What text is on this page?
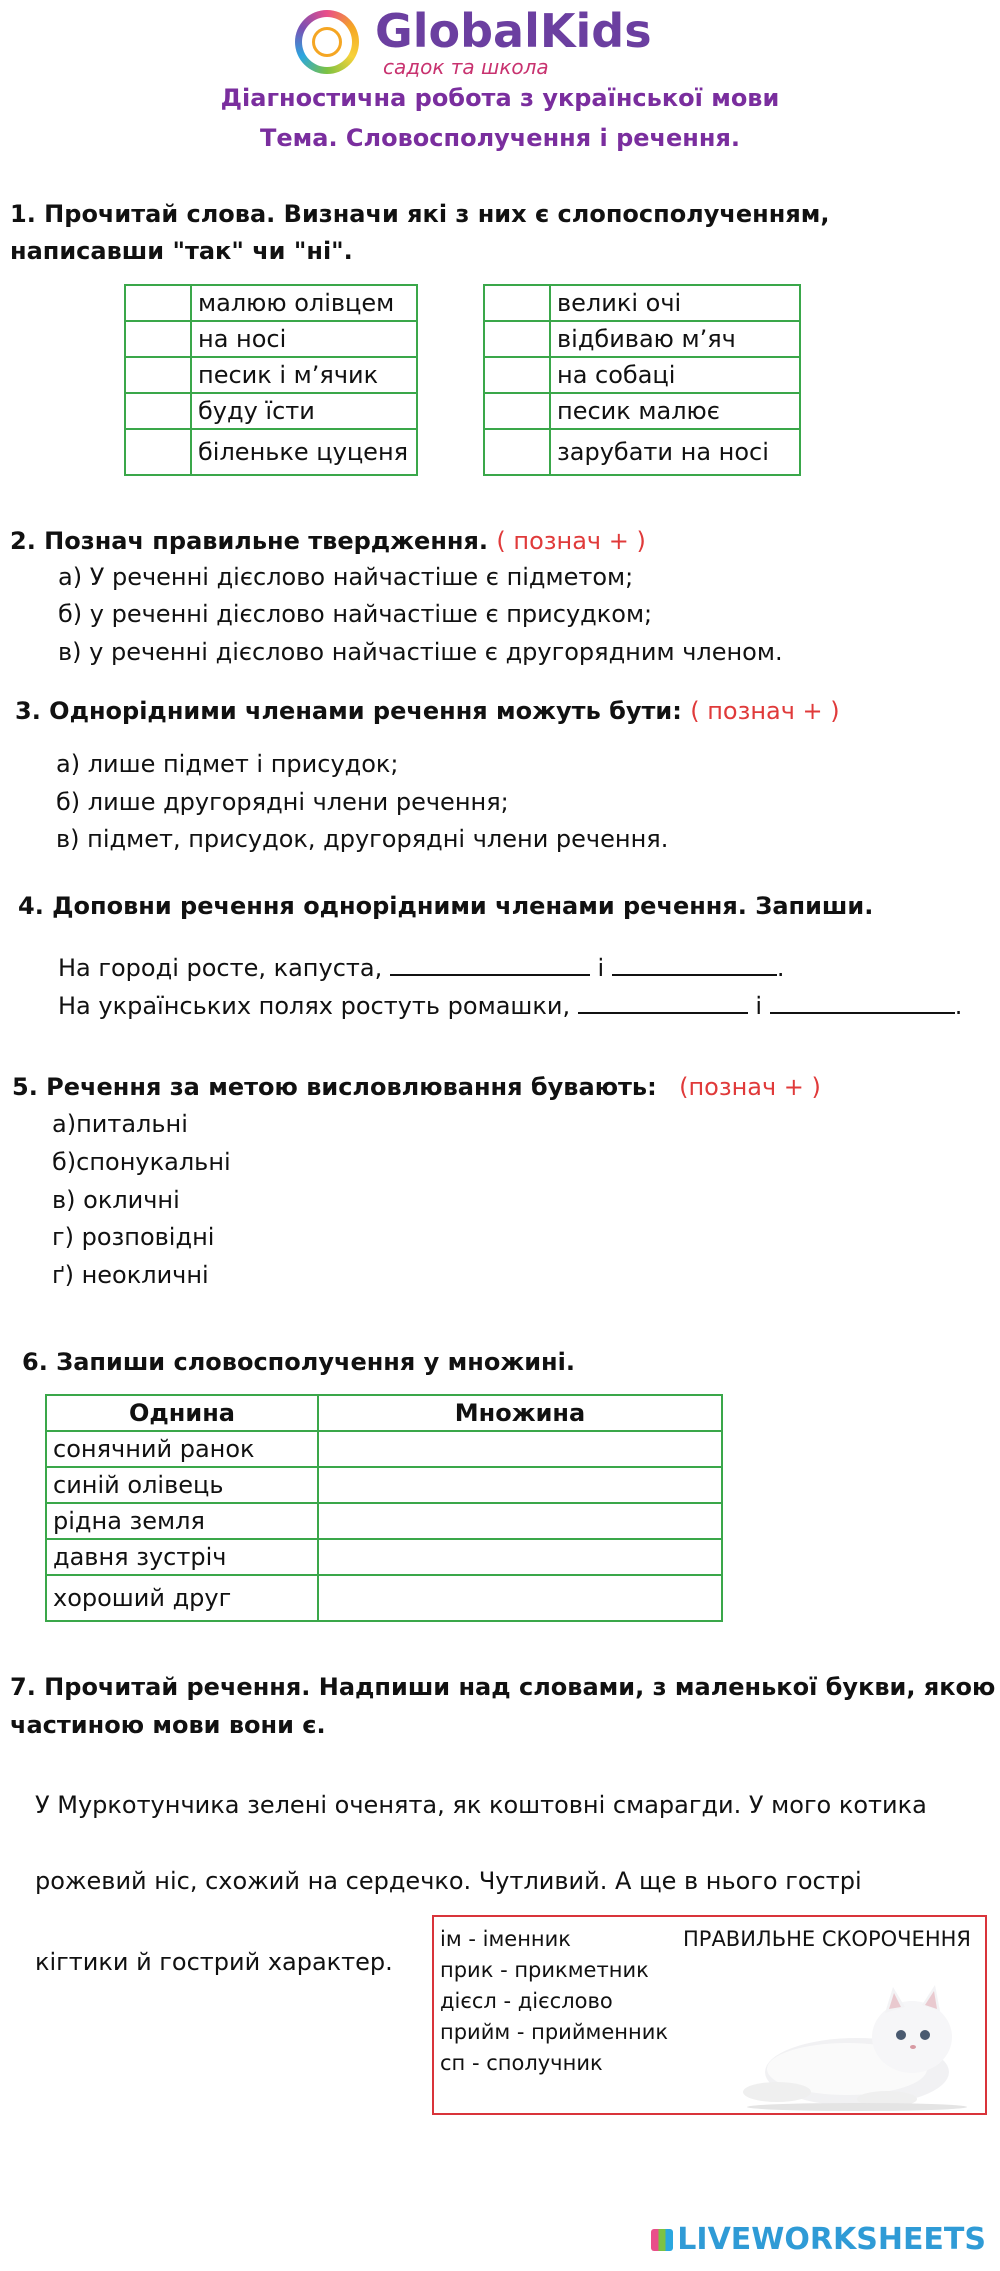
GlobalKids
садок та школа
Діагностична робота з української мови
Тема. Словосполучення і речення.
1. Прочитай слова. Визначи які з них є слопосполученням,
написавши "так" чи "ні".
	малюю олівцем
	на носі
	песик і м’ячик
	буду їсти
	біленьке цуценя
	великі очі
	відбиваю м’яч
	на собаці
	песик малює
	зарубати на носі
2. Познач правильне твердження. ( познач + )
а) У реченні дієслово найчастіше є підметом;
б) у реченні дієслово найчастіше є присудком;
в) у реченні дієслово найчастіше є другорядним членом.
3. Однорідними членами речення можуть бути: ( познач + )
а) лише підмет і присудок;
б) лише другорядні члени речення;
в) підмет, присудок, другорядні члени речення.
4. Доповни речення однорідними членами речення. Запиши.
На городі росте, капуста,	і	.
На українських полях ростуть ромашки,	і	.
5. Речення за метою висловлювання бувають: (познач + )
а)питальні
б)спонукальні
в) окличні
г) розповідні
ґ) неокличні
6. Запиши словосполучення у множині.
Однина	Множина
сонячний ранок	
синій олівець	
рідна земля	
давня зустріч	
хороший друг	
7. Прочитай речення. Надпиши над словами, з маленької букви, якою
частиною мови вони є.
У Муркотунчика зелені оченята, як коштовні смарагди. У мого котика
рожевий ніс, схожий на сердечко. Чутливий. А ще в нього гострі
кігтики й гострий характер.
ПРАВИЛЬНЕ СКОРОЧЕННЯ
ім - іменник
прик - прикметник
дієсл - дієслово
прийм - прийменник
сп - сполучник
LIVEWORKSHEETS
